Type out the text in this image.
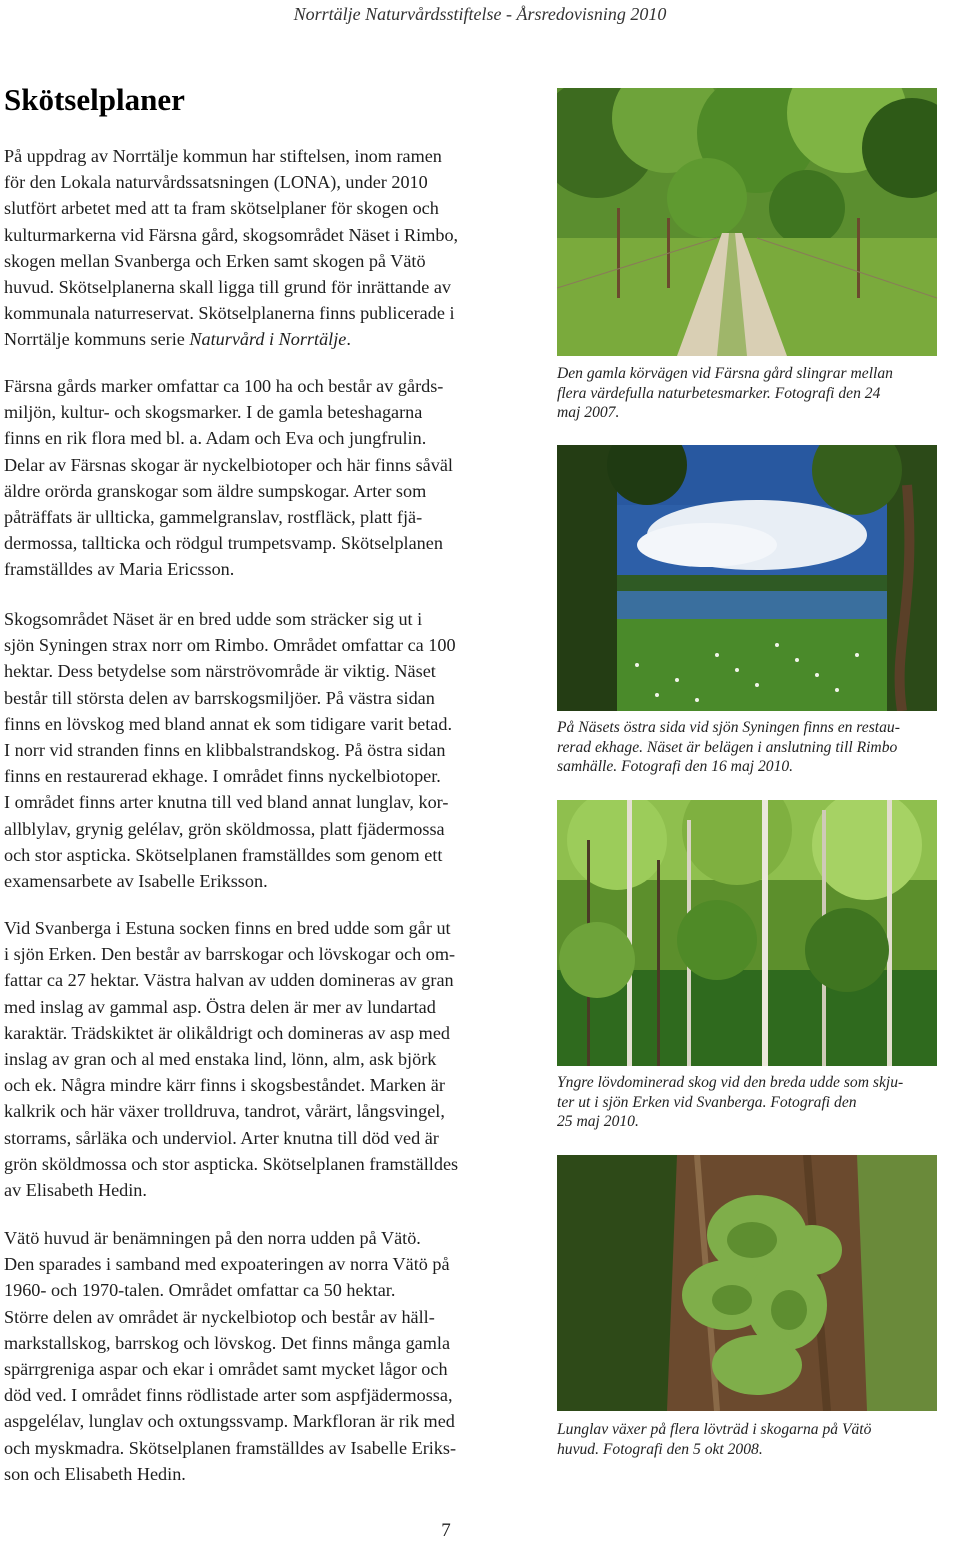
Norrtälje Naturvårdsstiftelse - Årsredovisning 2010
Skötselplaner
På uppdrag av Norrtälje kommun har stiftelsen, inom ramen
för den Lokala naturvårdssatsningen (LONA), under 2010
slutfört arbetet med att ta fram skötselplaner för skogen och
kulturmarkerna vid Färsna gård, skogsområdet Näset i Rimbo,
skogen mellan Svanberga och Erken samt skogen på Vätö
huvud. Skötselplanerna skall ligga till grund för inrättande av
kommunala naturreservat. Skötselplanerna finns publicerade i
Norrtälje kommuns serie Naturvård i Norrtälje.
Färsna gårds marker omfattar ca 100 ha och består av gårds-
miljön, kultur- och skogsmarker. I de gamla beteshagarna
finns en rik flora med bl. a. Adam och Eva och jungfrulin.
Delar av Färsnas skogar är nyckelbiotoper och här finns såväl
äldre orörda granskogar som äldre sumpskogar. Arter som
påträffats är ullticka, gammelgranslav, rostfläck, platt fjä-
dermossa, tallticka och rödgul trumpetsvamp. Skötselplanen
framställdes av Maria Ericsson.
Skogsområdet Näset är en bred udde som sträcker sig ut i
sjön Syningen strax norr om Rimbo. Området omfattar ca 100
hektar. Dess betydelse som närströvområde är viktig. Näset
består till största delen av barrskogsmiljöer. På västra sidan
finns en lövskog med bland annat ek som tidigare varit betad.
I norr vid stranden finns en klibbalstrandskog. På östra sidan
finns en restaurerad ekhage. I området finns nyckelbiotoper.
I området finns arter knutna till ved bland annat lunglav, kor-
allblylav, grynig gelélav, grön sköldmossa, platt fjädermossa
och stor aspticka. Skötselplanen framställdes som genom ett
examensarbete av Isabelle Eriksson.
Vid Svanberga i Estuna socken finns en bred udde som går ut
i sjön Erken. Den består av barrskogar och lövskogar och om-
fattar ca 27 hektar. Västra halvan av udden domineras av gran
med inslag av gammal asp. Östra delen är mer av lundartad
karaktär. Trädskiktet är olikåldrigt och domineras av asp med
inslag av gran och al med enstaka lind, lönn, alm, ask björk
och ek. Några mindre kärr finns i skogsbeståndet. Marken är
kalkrik och här växer trolldruva, tandrot, vårärt, långsvingel,
storrams, sårläka och underviol. Arter knutna till död ved är
grön sköldmossa och stor aspticka. Skötselplanen framställdes
av Elisabeth Hedin.
Vätö huvud är benämningen på den norra udden på Vätö.
Den sparades i samband med expoateringen av norra Vätö på
1960- och 1970-talen. Området omfattar ca 50 hektar.
Större delen av området är nyckelbiotop och består av häll-
markstallskog, barrskog och lövskog. Det finns många gamla
spärrgreniga aspar och ekar i området samt mycket lågor och
död ved. I området finns rödlistade arter som aspfjädermossa,
aspgelélav, lunglav och oxtungssvamp. Markfloran är rik med
och myskmadra. Skötselplanen framställdes av Isabelle Eriks-
son och Elisabeth Hedin.
Den gamla körvägen vid Färsna gård slingrar mellan
flera värdefulla naturbetesmarker. Fotografi den 24
maj 2007.
På Näsets östra sida vid sjön Syningen finns en restau-
rerad ekhage. Näset är belägen i anslutning till Rimbo
samhälle. Fotografi den 16 maj 2010.
Yngre lövdominerad skog vid den breda udde som skju-
ter ut i sjön Erken vid Svanberga. Fotografi den
25 maj 2010.
Lunglav växer på flera lövträd i skogarna på Vätö
huvud. Fotografi den 5 okt 2008.
7
